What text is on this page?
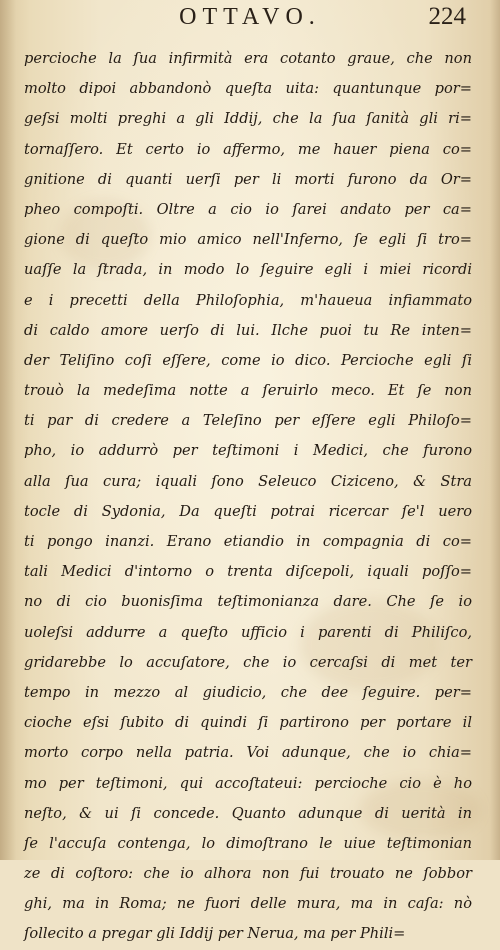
OTTAVO.	224
percioche la ſua infirmità era cotanto graue, che non
molto dipoi abbandonò queſta uita: quantunque por=
geſsi molti preghi a gli Iddij, che la ſua ſanità gli ri=
tornaſſero. Et certo io affermo, me hauer piena co=
gnitione di quanti uerſi per li morti furono da Or=
pheo compoſti. Oltre a cio io ſarei andato per ca=
gione di queſto mio amico nell'Inferno, ſe egli ſi tro=
uaſſe la ſtrada, in modo lo ſeguire egli i miei ricordi
e i precetti della Philoſophia, m'haueua infiammato
di caldo amore uerſo di lui. Ilche puoi tu Re inten=
der Teliſino coſi eſſere, come io dico. Percioche egli ſi
trouò la medeſima notte a ſeruirlo meco. Et ſe non
ti par di credere a Teleſino per eſſere egli Philoſo=
pho, io addurrò per teſtimoni i Medici, che furono
alla ſua cura; iquali ſono Seleuco Ciziceno, & Stra
tocle di Sydonia, Da queſti potrai ricercar ſe'l uero
ti pongo inanzi. Erano etiandio in compagnia di co=
tali Medici d'intorno o trenta diſcepoli, iquali poſſo=
no di cio buonisſima teſtimonianza dare. Che ſe io
uoleſsi addurre a queſto ufficio i parenti di Philiſco,
gridarebbe lo accuſatore, che io cercaſsi di met ter
tempo in mezzo al giudicio, che dee ſeguire. per=
cioche eſsi ſubito di quindi ſi partirono per portare il
morto corpo nella patria. Voi adunque, che io chia=
mo per teſtimoni, qui accoſtateui: percioche cio è ho
neſto, & ui ſi concede. Quanto adunque di uerità in
ſe l'accuſa contenga, lo dimoſtrano le uiue teſtimonian
ze di coſtoro: che io alhora non fui trouato ne ſobbor
ghi, ma in Roma; ne fuori delle mura, ma in caſa: nò
ſollecito a pregar gli Iddij per Nerua, ma per Phili=
